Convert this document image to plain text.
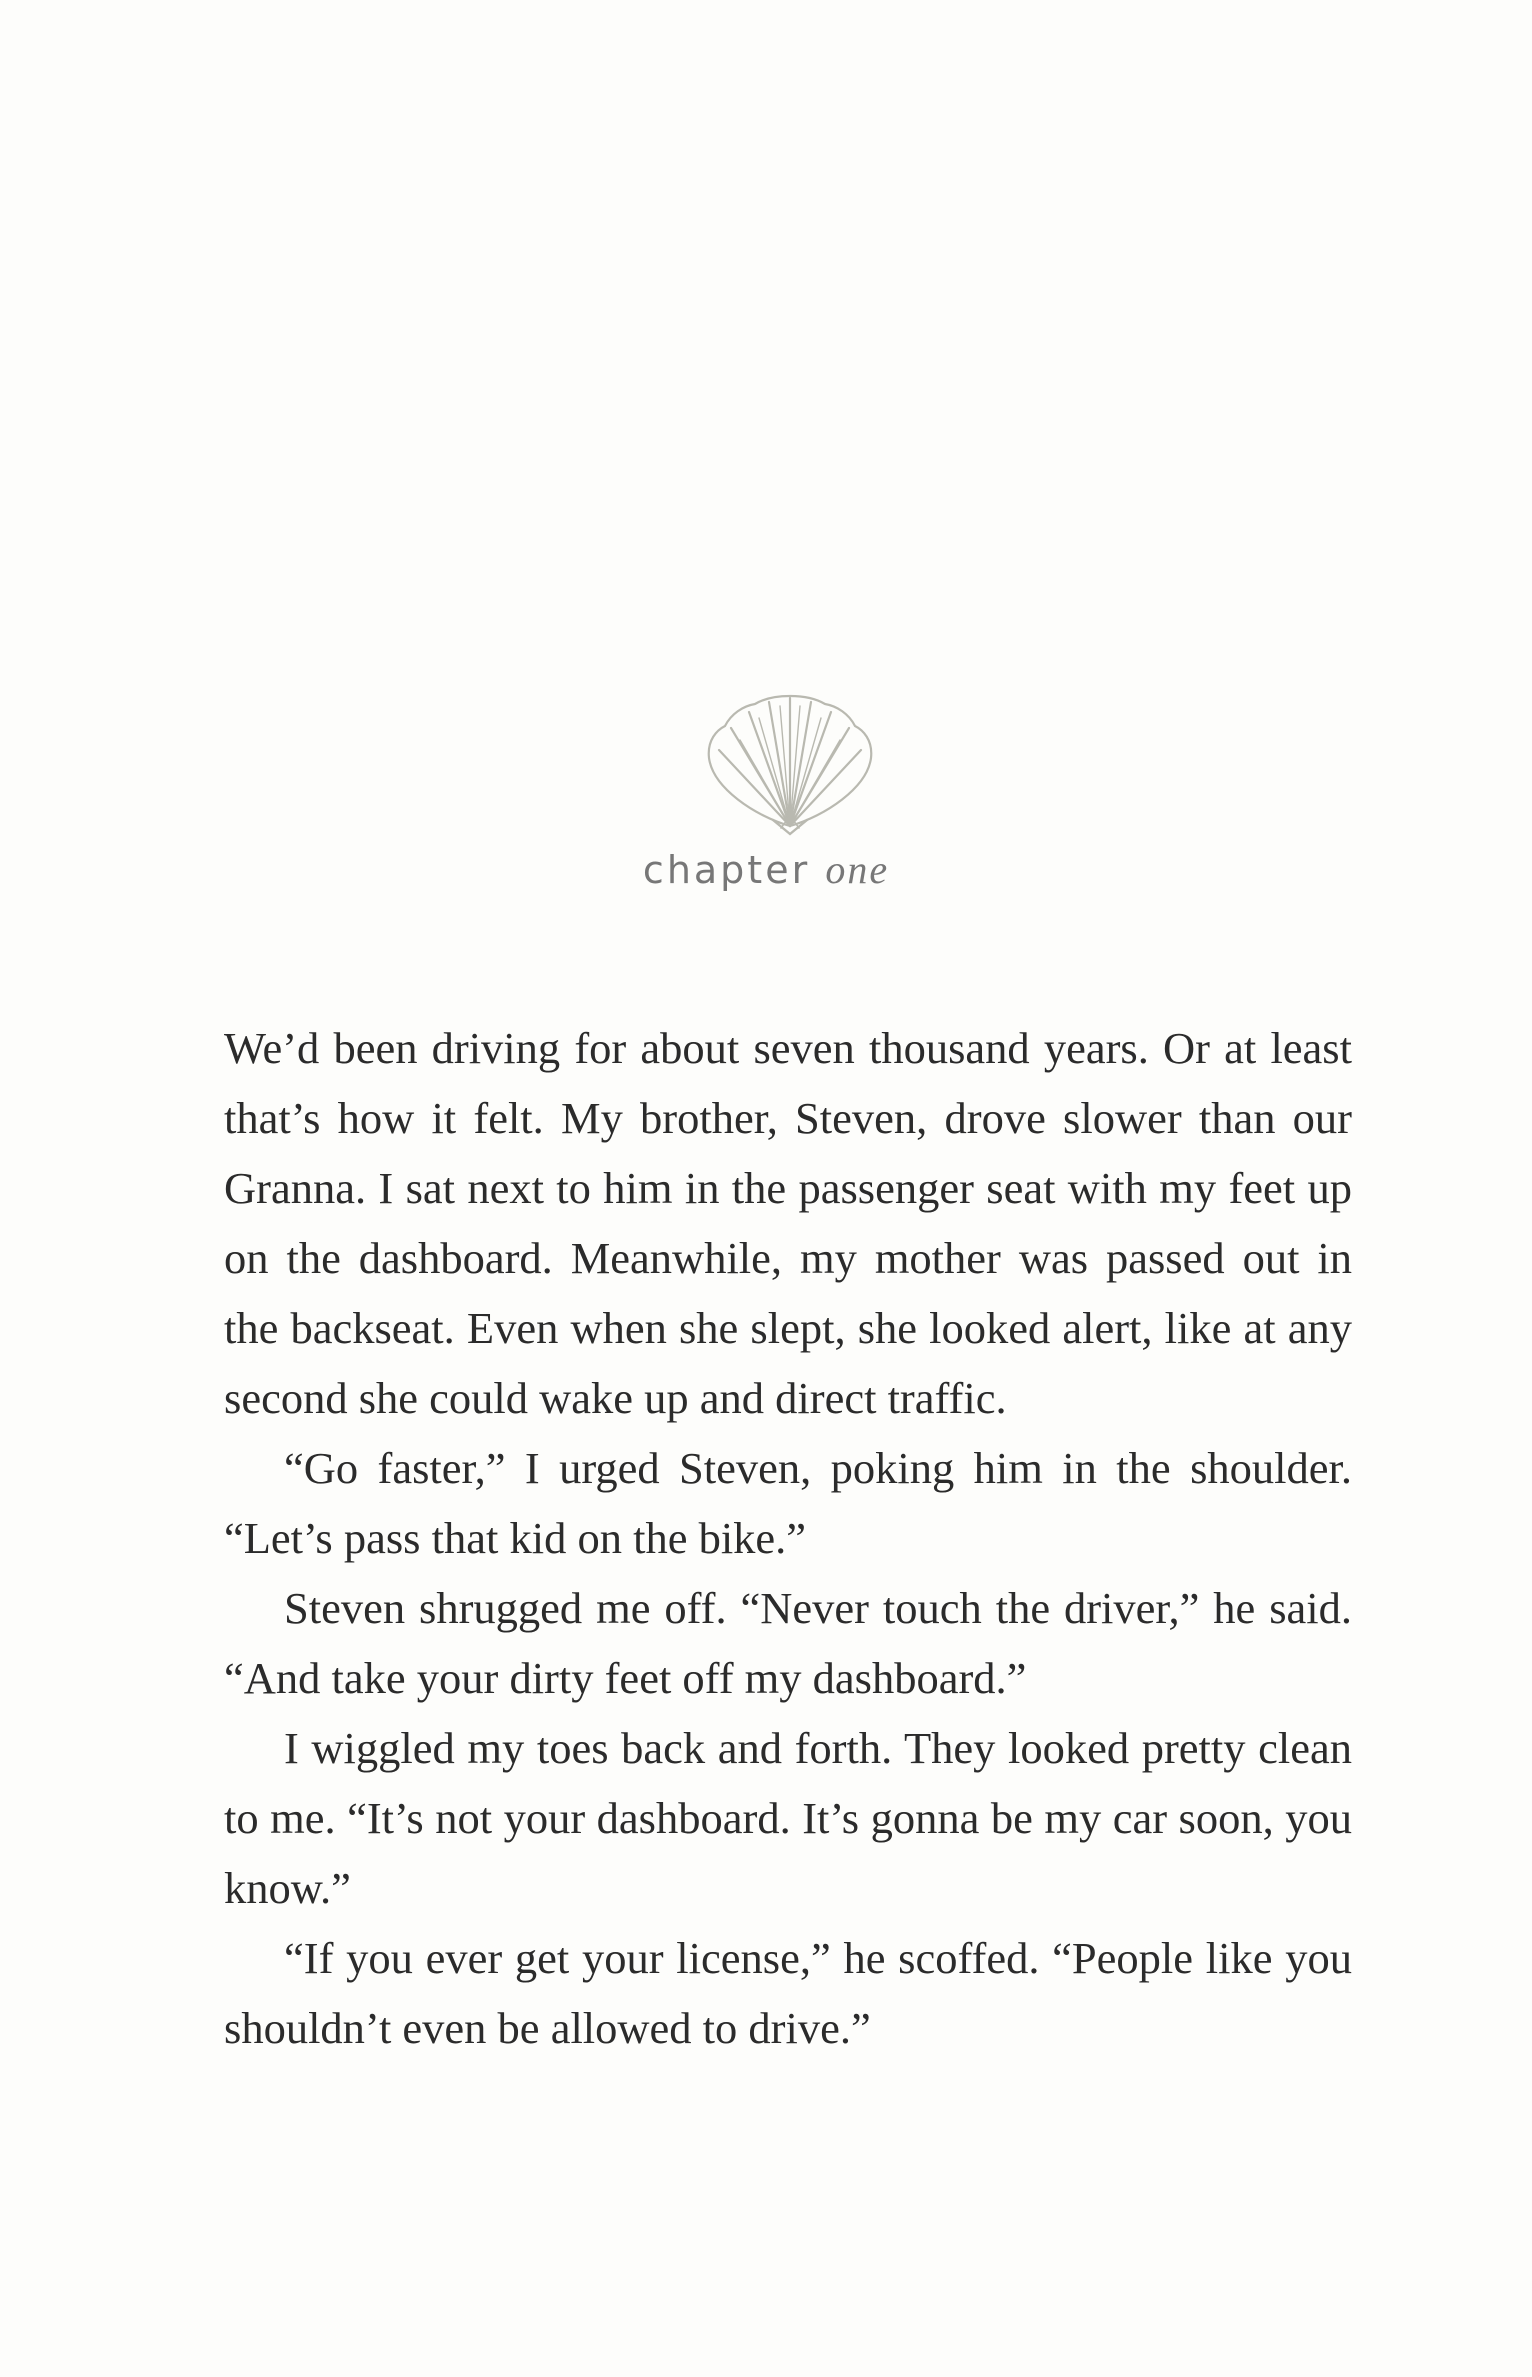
chapter one

We’d been driving for about seven thousand years. Or at least that’s how it felt. My brother, Steven, drove slower than our Granna. I sat next to him in the passenger seat with my feet up on the dashboard. Meanwhile, my mother was passed out in the backseat. Even when she slept, she looked alert, like at any second she could wake up and direct traffic.

“Go faster,” I urged Steven, poking him in the shoulder. “Let’s pass that kid on the bike.”

Steven shrugged me off. “Never touch the driver,” he said. “And take your dirty feet off my dashboard.”

I wiggled my toes back and forth. They looked pretty clean to me. “It’s not your dashboard. It’s gonna be my car soon, you know.”

“If you ever get your license,” he scoffed. “People like you shouldn’t even be allowed to drive.”
